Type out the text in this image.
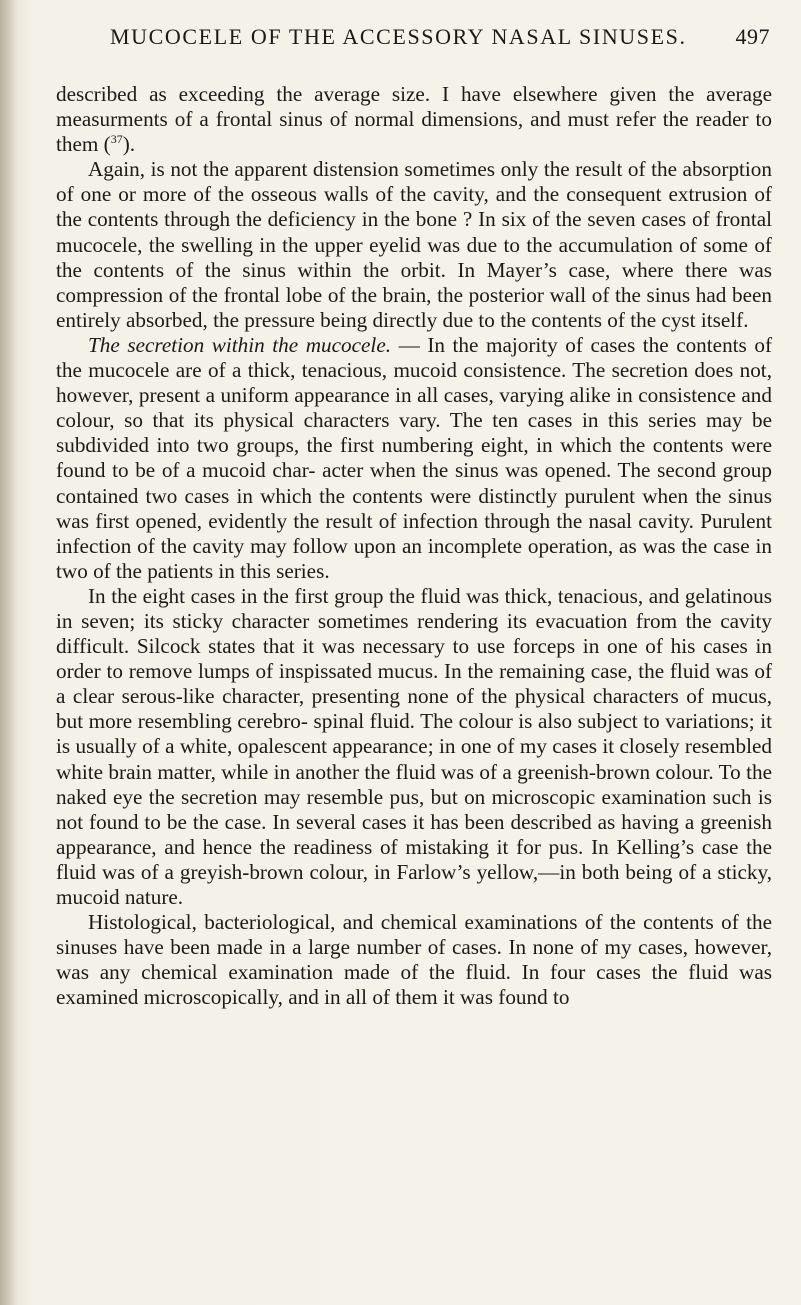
MUCOCELE OF THE ACCESSORY NASAL SINUSES. 497

described as exceeding the average size. I have elsewhere given the average measurments of a frontal sinus of normal dimensions, and must refer the reader to them ($^{37}$).

Again, is not the apparent distension sometimes only the result of the absorption of one or more of the osseous walls of the cavity, and the consequent extrusion of the contents through the deficiency in the bone ? In six of the seven cases of frontal mucocele, the swelling in the upper eyelid was due to the accumulation of some of the contents of the sinus within the orbit. In Mayer’s case, where there was compression of the frontal lobe of the brain, the posterior wall of the sinus had been entirely absorbed, the pressure being directly due to the contents of the cyst itself.

The secretion within the mucocele. — In the majority of cases the contents of the mucocele are of a thick, tenacious, mucoid consistence. The secretion does not, however, present a uniform appearance in all cases, varying alike in consistence and colour, so that its physical characters vary. The ten cases in this series may be subdivided into two groups, the first numbering eight, in which the contents were found to be of a mucoid char- acter when the sinus was opened. The second group contained two cases in which the contents were distinctly purulent when the sinus was first opened, evidently the result of infection through the nasal cavity. Purulent infection of the cavity may follow upon an incomplete operation, as was the case in two of the patients in this series.

In the eight cases in the first group the fluid was thick, tenacious, and gelatinous in seven; its sticky character sometimes rendering its evacuation from the cavity difficult. Silcock states that it was necessary to use forceps in one of his cases in order to remove lumps of inspissated mucus. In the remaining case, the fluid was of a clear serous-like character, presenting none of the physical characters of mucus, but more resembling cerebro- spinal fluid. The colour is also subject to variations; it is usually of a white, opalescent appearance; in one of my cases it closely resembled white brain matter, while in another the fluid was of a greenish-brown colour. To the naked eye the secretion may resemble pus, but on microscopic examination such is not found to be the case. In several cases it has been described as having a greenish appearance, and hence the readiness of mistaking it for pus. In Kelling’s case the fluid was of a greyish-brown colour, in Farlow’s yellow,—in both being of a sticky, mucoid nature.

Histological, bacteriological, and chemical examinations of the contents of the sinuses have been made in a large number of cases. In none of my cases, however, was any chemical examination made of the fluid. In four cases the fluid was examined microscopically, and in all of them it was found to
